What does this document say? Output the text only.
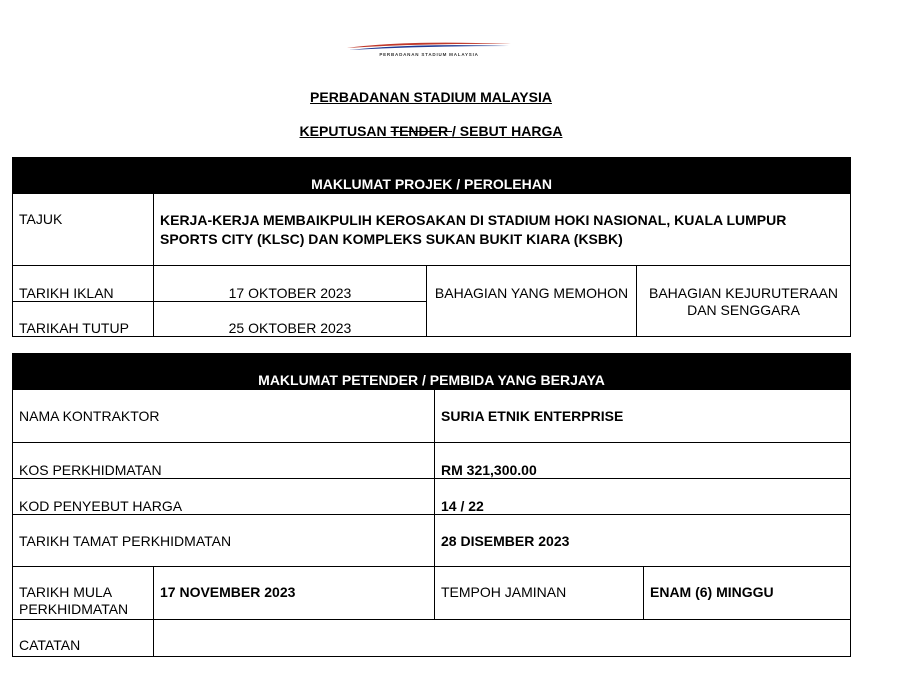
PERBADANAN STADIUM MALAYSIA
PERBADANAN STADIUM MALAYSIA
KEPUTUSAN TENDER / SEBUT HARGA
MAKLUMAT PROJEK / PEROLEHAN			
TAJUK	KERJA-KERJA MEMBAIKPULIH KEROSAKAN DI STADIUM HOKI NASIONAL, KUALA LUMPUR SPORTS CITY (KLSC) DAN KOMPLEKS SUKAN BUKIT KIARA (KSBK)		
TARIKH IKLAN	17 OKTOBER 2023	BAHAGIAN YANG MEMOHON	BAHAGIAN KEJURUTERAAN DAN SENGGARA
TARIKAH TUTUP	25 OKTOBER 2023		
MAKLUMAT PETENDER / PEMBIDA YANG BERJAYA			
NAMA KONTRAKTOR		SURIA ETNIK ENTERPRISE	
KOS PERKHIDMATAN		RM 321,300.00	
KOD PENYEBUT HARGA		14 / 22	
TARIKH TAMAT PERKHIDMATAN		28 DISEMBER 2023	
TARIKH MULA PERKHIDMATAN	17 NOVEMBER 2023	TEMPOH JAMINAN	ENAM (6) MINGGU
CATATAN			
